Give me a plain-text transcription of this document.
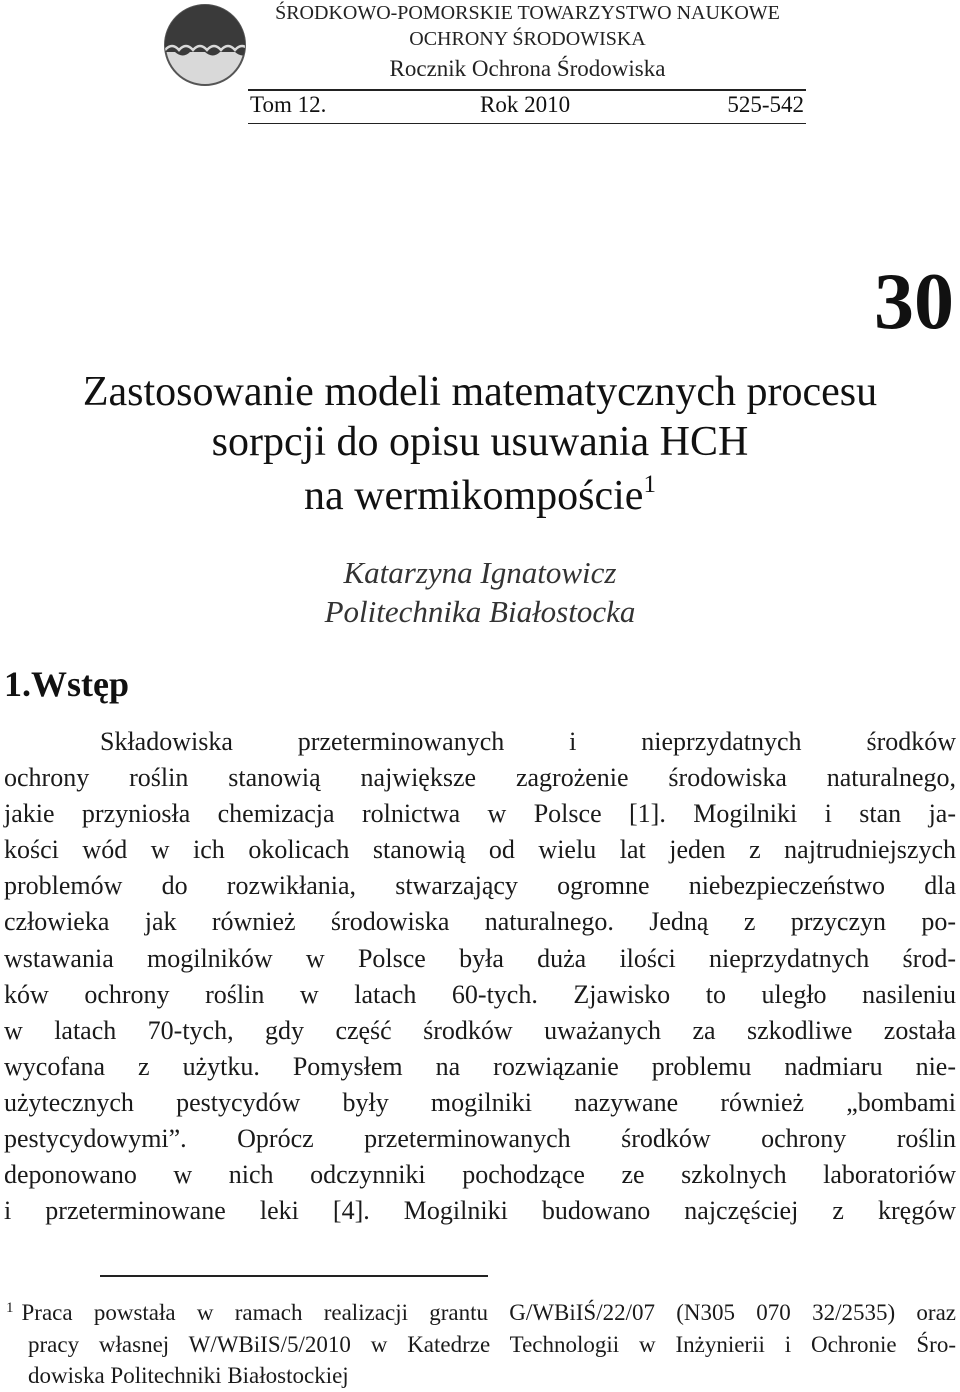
ŚRODKOWO-POMORSKIE TOWARZYSTWO NAUKOWE
OCHRONY ŚRODOWISKA
Rocznik Ochrona Środowiska
Tom 12.	Rok 2010	525-542
30
Zastosowanie modeli matematycznych procesu
sorpcji do opisu usuwania HCH
na wermikompoście$^1$
Katarzyna Ignatowicz
Politechnika Białostocka
1.Wstęp
Składowiska przeterminowanych i nieprzydatnych środków
ochrony roślin stanowią największe zagrożenie środowiska naturalnego,
jakie przyniosła chemizacja rolnictwa w Polsce [1]. Mogilniki i stan ja-
kości wód w ich okolicach stanowią od wielu lat jeden z najtrudniejszych
problemów do rozwikłania, stwarzający ogromne niebezpieczeństwo dla
człowieka jak również środowiska naturalnego. Jedną z przyczyn po-
wstawania mogilników w Polsce była duża ilości nieprzydatnych środ-
ków ochrony roślin w latach 60-tych. Zjawisko to uległo nasileniu
w latach 70-tych, gdy część środków uważanych za szkodliwe została
wycofana z użytku. Pomysłem na rozwiązanie problemu nadmiaru nie-
użytecznych pestycydów były mogilniki nazywane również „bombami
pestycydowymi”. Oprócz przeterminowanych środków ochrony roślin
deponowano w nich odczynniki pochodzące ze szkolnych laboratoriów
i przeterminowane leki [4]. Mogilniki budowano najczęściej z kręgów
$^1$ Praca powstała w ramach realizacji grantu G/WBiIŚ/22/07 (N305 070 32/2535) oraz
pracy własnej W/WBiIS/5/2010 w Katedrze Technologii w Inżynierii i Ochronie Śro-
dowiska Politechniki Białostockiej
